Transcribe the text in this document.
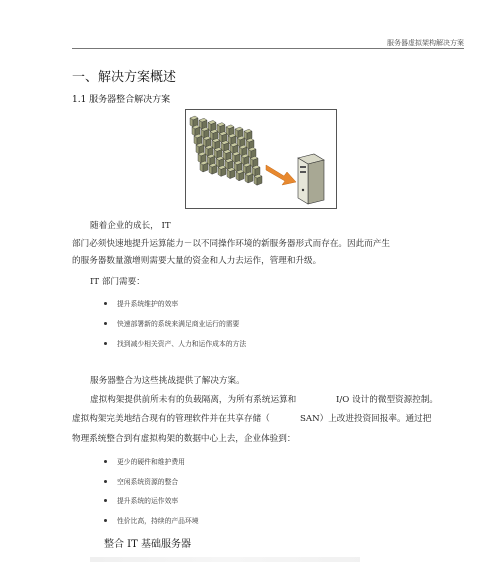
服务器虚拟架构解决方案
一、解决方案概述
1.1 服务器整合解决方案
随着企业的成长， IT
部门必须快速地提升运算能力－以不同操作环境的新服务器形式而存在。因此而产生
的服务器数量激增则需要大量的资金和人力去运作，管理和升级。
IT 部门需要：
提升系统维护的效率
快速部署新的系统来满足商业运行的需要
找到减少相关资产、人力和运作成本的方法
服务器整合为这些挑战提供了解决方案。
虚拟构架提供前所未有的负载隔离，为所有系统运算和	I/O 设计的微型资源控制。
虚拟构架完美地结合现有的管理软件并在共享存储（	SAN）上改进投资回报率。通过把
物理系统整合到有虚拟构架的数据中心上去，企业体验到：
更少的硬件和维护费用
空闲系统资源的整合
提升系统的运作效率
性价比高，持续的产品环境
整合 IT 基础服务器
